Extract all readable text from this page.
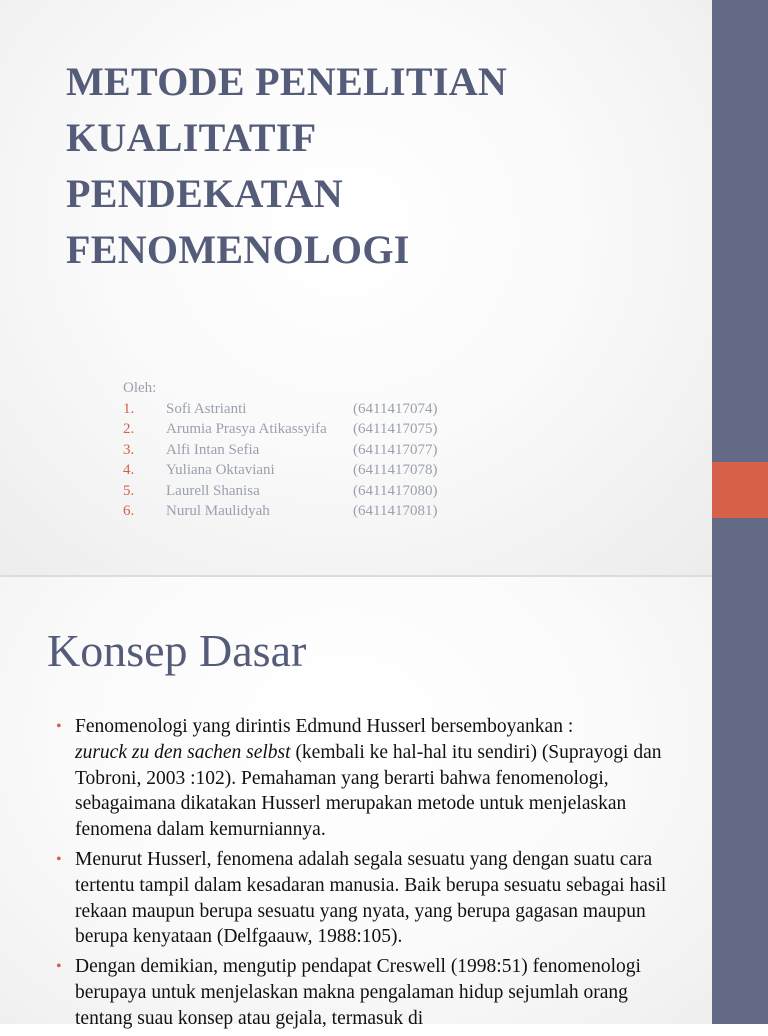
METODE PENELITIAN
KUALITATIF
PENDEKATAN
FENOMENOLOGI
Oleh:
1.	Sofi Astrianti	(6411417074)
2.	Arumia Prasya Atikassyifa	(6411417075)
3.	Alfi Intan Sefia	(6411417077)
4.	Yuliana Oktaviani	(6411417078)
5.	Laurell Shanisa	(6411417080)
6.	Nurul Maulidyah	(6411417081)
Konsep Dasar
• Fenomenologi yang dirintis Edmund Husserl bersemboyankan :
zuruck zu den sachen selbst (kembali ke hal-hal itu sendiri) (Suprayogi dan Tobroni, 2003 :102). Pemahaman yang berarti bahwa fenomenologi, sebagaimana dikatakan Husserl merupakan metode untuk menjelaskan fenomena dalam kemurniannya.
• Menurut Husserl, fenomena adalah segala sesuatu yang dengan suatu cara tertentu tampil dalam kesadaran manusia. Baik berupa sesuatu sebagai hasil rekaan maupun berupa sesuatu yang nyata, yang berupa gagasan maupun berupa kenyataan (Delfgaauw, 1988:105).
• Dengan demikian, mengutip pendapat Creswell (1998:51) fenomenologi berupaya untuk menjelaskan makna pengalaman hidup sejumlah orang tentang suau konsep atau gejala, termasuk di
